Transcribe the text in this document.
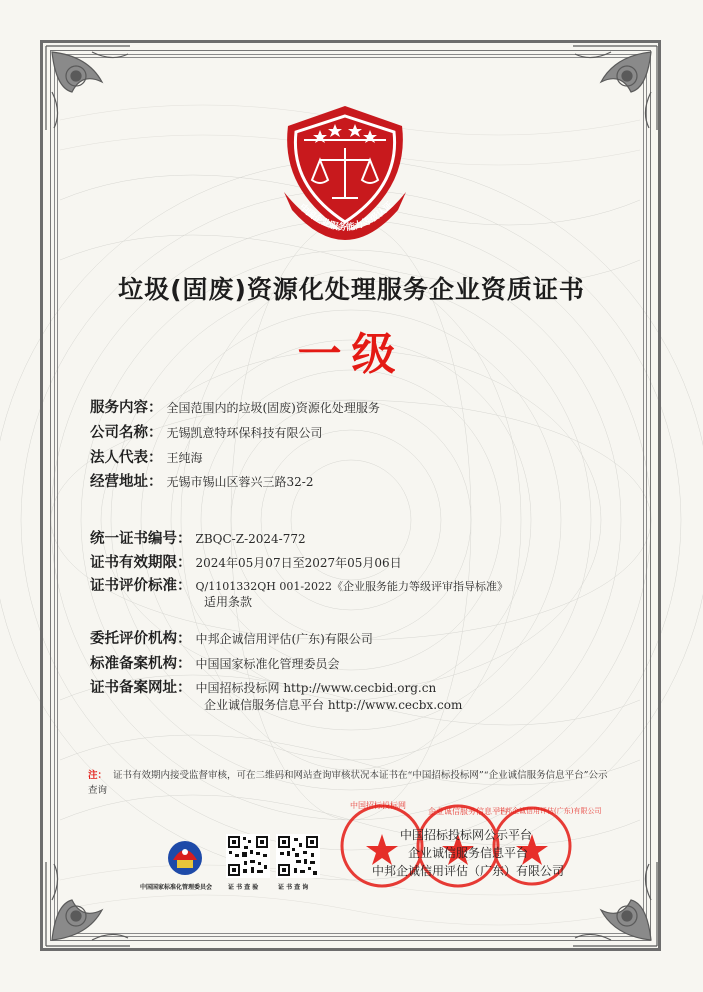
中国企业服务能力等级认证
垃圾(固废)资源化处理服务企业资质证书
一级
服务内容： 全国范围内的垃圾(固废)资源化处理服务
公司名称： 无锡凯意特环保科技有限公司
法人代表： 王纯海
经营地址： 无锡市锡山区蓉兴三路32-2
统一证书编号： ZBQC-Z-2024-772
证书有效期限： 2024年05月07日至2027年05月06日
证书评价标准： Q/1101332QH 001-2022《企业服务能力等级评审指导标准》
适用条款
委托评价机构： 中邦企诚信用评估(广东)有限公司
标准备案机构： 中国国家标准化管理委员会
证书备案网址： 中国招标投标网 http://www.cecbid.org.cn
企业诚信服务信息平台 http://www.cecbx.com
注： 证书有效期内接受监督审核，可在二维码和网站查询审核状况本证书在“中国招标投标网”“企业诚信服务信息平台”公示查询
中国国家标准化管理委员会	证 书 查 验	证 书 查 询
中国招标投标网
企业诚信服务信息平台
中邦企诚信用评估(广东)有限公司
中国招标投标网公示平台
企业诚信服务信息平台
中邦企诚信用评估（广东）有限公司
